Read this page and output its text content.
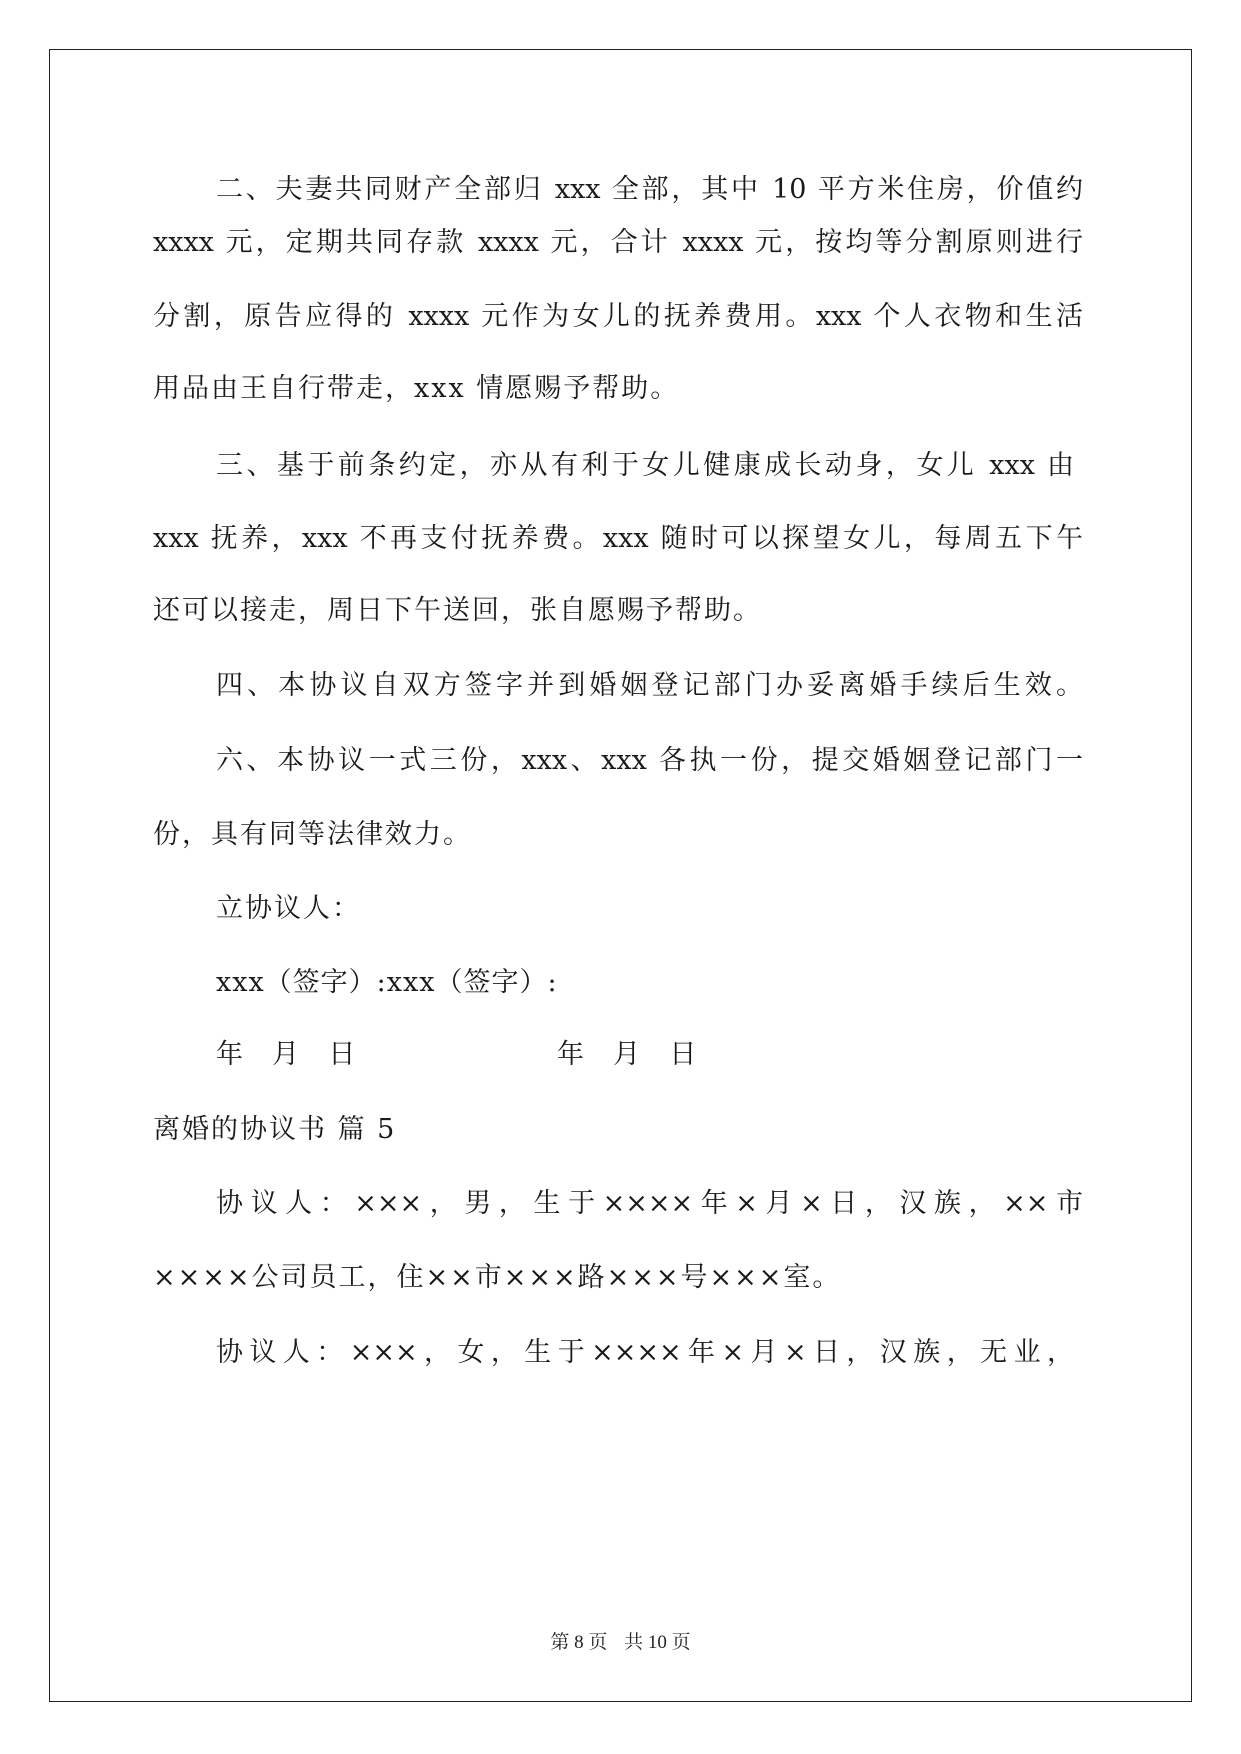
二、夫妻共同财产全部归 xxx 全部，其中 10 平方米住房，价值约
xxxx 元，定期共同存款 xxxx 元，合计 xxxx 元，按均等分割原则进行
分割，原告应得的 xxxx 元作为女儿的抚养费用。xxx 个人衣物和生活
用品由王自行带走，xxx 情愿赐予帮助。
三、基于前条约定，亦从有利于女儿健康成长动身，女儿 xxx 由
xxx 抚养，xxx 不再支付抚养费。xxx 随时可以探望女儿，每周五下午
还可以接走，周日下午送回，张自愿赐予帮助。
四、本协议自双方签字并到婚姻登记部门办妥离婚手续后生效。
六、本协议一式三份，xxx、xxx 各执一份，提交婚姻登记部门一
份，具有同等法律效力。
立协议人：
xxx（签字）:xxx（签字）:
年  月  日	年  月  日
离婚的协议书 篇 5
协议人：×××，男，生于××××年×月×日，汉族，××市
××××公司员工，住××市×××路×××号×××室。
协议人：×××，女，生于××××年×月×日，汉族，无业，
第 8 页 共 10 页
